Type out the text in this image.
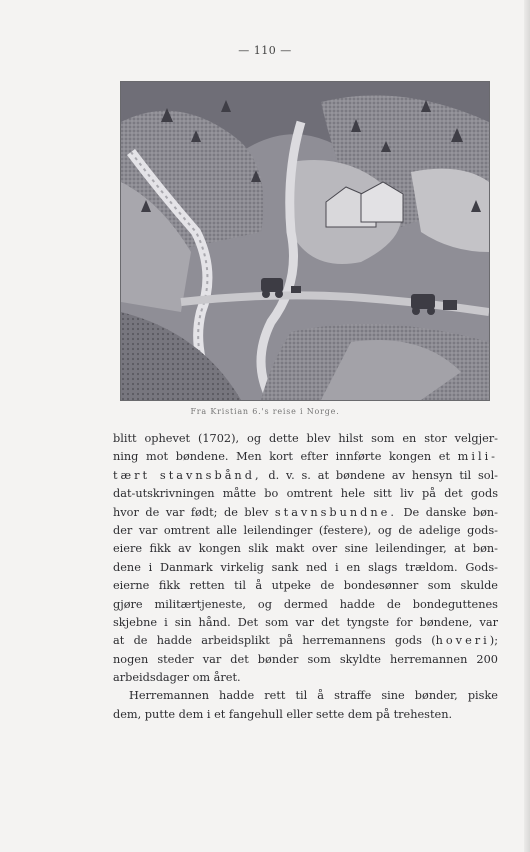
— 110 —
Fra Kristian 6.'s reise i Norge.
blitt ophevet (1702), og dette blev hilst som en stor velgjer-
ning mot bøndene. Men kort efter innførte kongen et mili-
tært stavnsbånd, d. v. s. at bøndene av hensyn til sol-
dat-utskrivningen måtte bo omtrent hele sitt liv på det gods
hvor de var født; de blev stavnsbundne. De danske bøn-
der var omtrent alle leilendinger (festere), og de adelige gods-
eiere fikk av kongen slik makt over sine leilendinger, at bøn-
dene i Danmark virkelig sank ned i en slags trældom. Gods-
eierne fikk retten til å utpeke de bondesønner som skulde
gjøre militærtjeneste, og dermed hadde de bondeguttenes
skjebne i sin hånd. Det som var det tyngste for bøndene, var
at de hadde arbeidsplikt på herremannens gods (hoveri);
nogen steder var det bønder som skyldte herremannen 200
arbeidsdager om året.
Herremannen hadde rett til å straffe sine bønder, piske
dem, putte dem i et fangehull eller sette dem på trehesten.
